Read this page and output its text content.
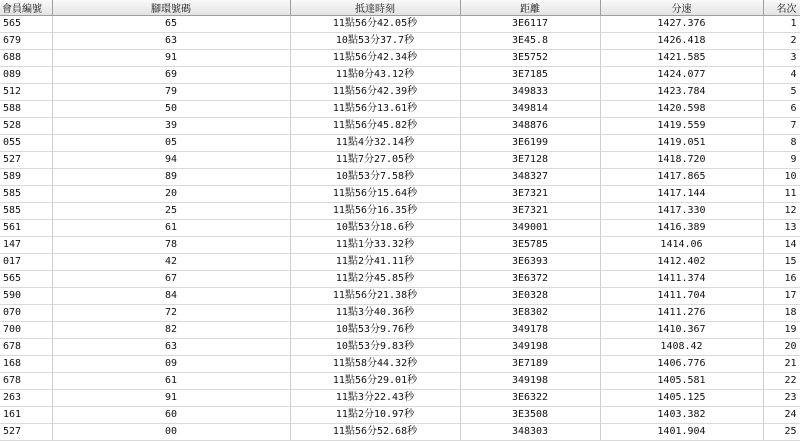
會員編號	腳環號碼	抵達時刻	距離	分速	名次
565	65	11點56分42.05秒	3E6117	1427.376	1
679	63	10點53分37.7秒	3E45.8	1426.418	2
688	91	11點56分42.34秒	3E5752	1421.585	3
089	69	11點0分43.12秒	3E7185	1424.077	4
512	79	11點56分42.39秒	349833	1423.784	5
588	50	11點56分13.61秒	349814	1420.598	6
528	39	11點56分45.82秒	348876	1419.559	7
055	05	11點4分32.14秒	3E6199	1419.051	8
527	94	11點7分27.05秒	3E7128	1418.720	9
589	89	10點53分7.58秒	348327	1417.865	10
585	20	11點56分15.64秒	3E7321	1417.144	11
585	25	11點56分16.35秒	3E7321	1417.330	12
561	61	10點53分18.6秒	349001	1416.389	13
147	78	11點1分33.32秒	3E5785	1414.06	14
017	42	11點2分41.11秒	3E6393	1412.402	15
565	67	11點2分45.85秒	3E6372	1411.374	16
590	84	11點56分21.38秒	3E0328	1411.704	17
070	72	11點3分40.36秒	3E8302	1411.276	18
700	82	10點53分9.76秒	349178	1410.367	19
678	63	10點53分9.83秒	349198	1408.42	20
168	09	11點58分44.32秒	3E7189	1406.776	21
678	61	11點56分29.01秒	349198	1405.581	22
263	91	11點3分22.43秒	3E6322	1405.125	23
161	60	11點2分10.97秒	3E3508	1403.382	24
527	00	11點56分52.68秒	348303	1401.904	25
